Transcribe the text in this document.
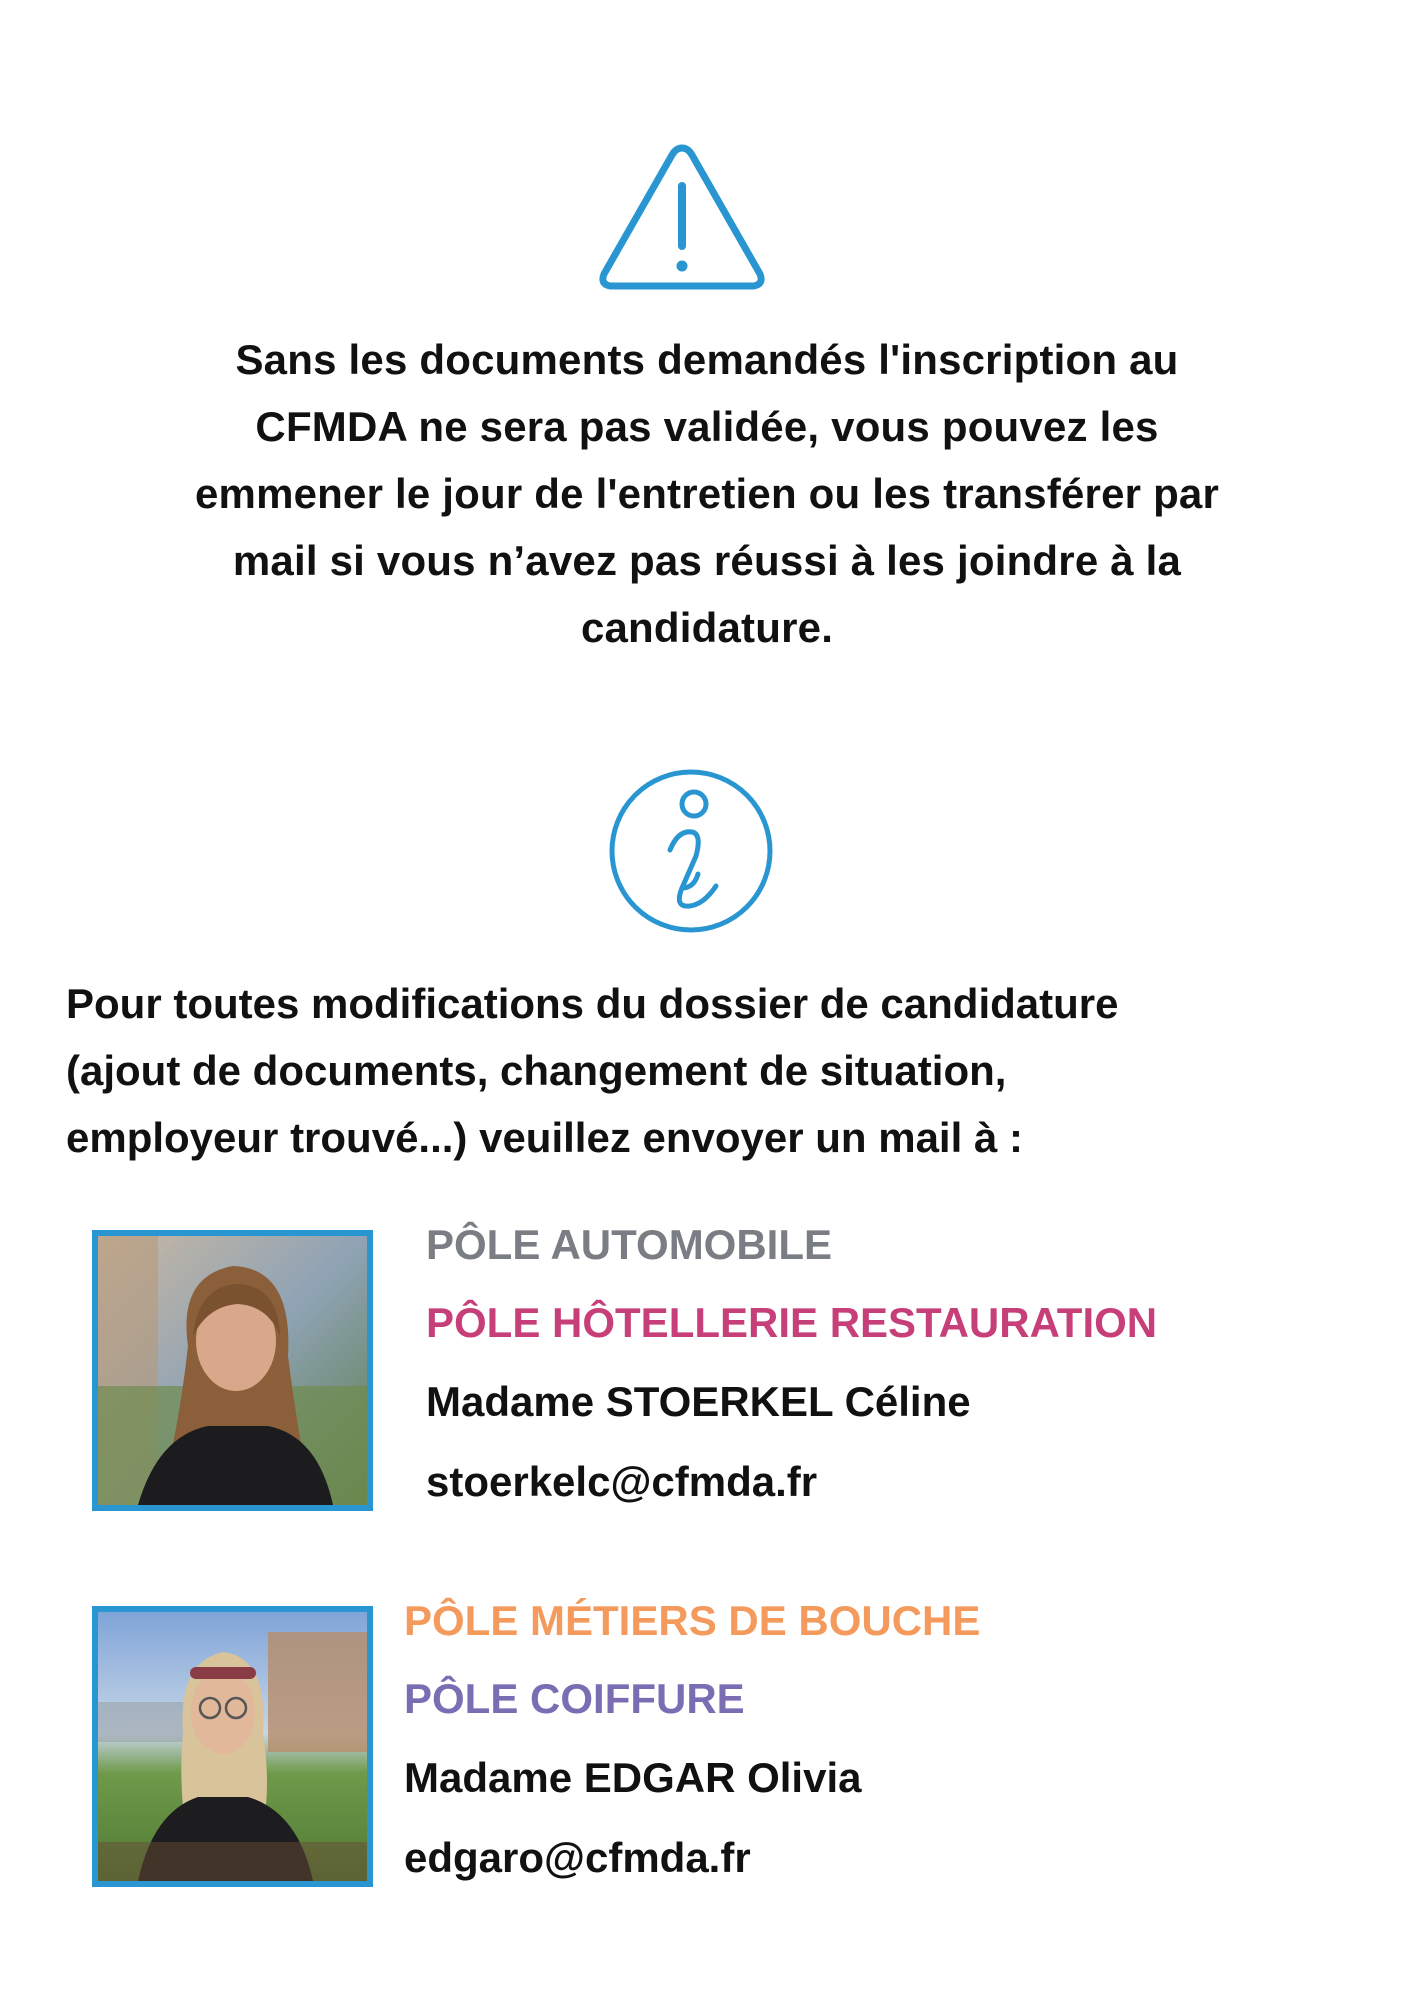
Sans les documents demandés l'inscription au
CFMDA ne sera pas validée, vous pouvez les
emmener le jour de l'entretien ou les transférer par
mail si vous n’avez pas réussi à les joindre à la
candidature.
Pour toutes modifications du dossier de candidature
(ajout de documents, changement de situation,
employeur trouvé...) veuillez envoyer un mail à :
PÔLE AUTOMOBILE
PÔLE HÔTELLERIE RESTAURATION
Madame STOERKEL Céline
stoerkelc@cfmda.fr
PÔLE MÉTIERS DE BOUCHE
PÔLE COIFFURE
Madame EDGAR Olivia
edgaro@cfmda.fr
